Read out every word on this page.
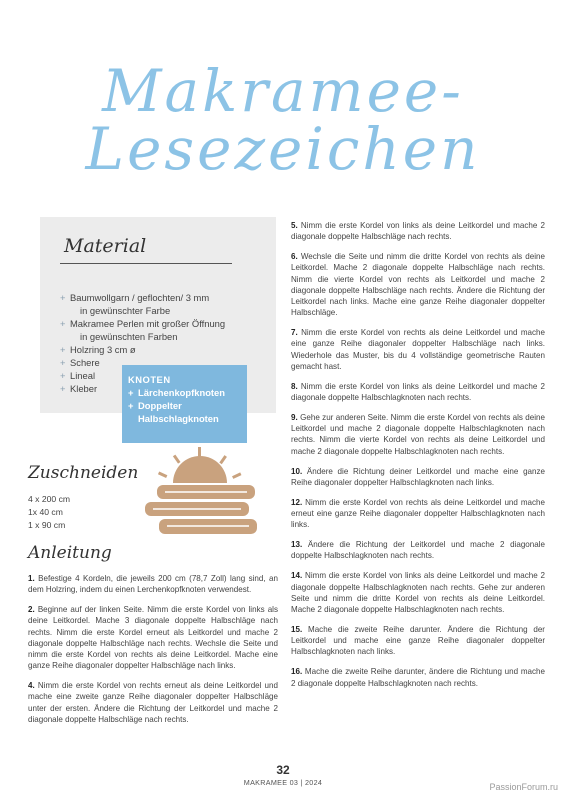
Makramee-
Lesezeichen
Material
+ Baumwollgarn / geflochten/ 3 mm
in gewünschter Farbe
+ Makramee Perlen mit großer Öffnung
in gewünschten Farben
+ Holzring 3 cm ø
+ Schere
+ Lineal
+ Kleber
KNOTEN
+ Lärchenkopfknoten
+ Doppelter
Halbschlagknoten
Zuschneiden
4 x 200 cm
1x 40 cm
1 x 90 cm
Anleitung

1. Befestige 4 Kordeln, die jeweils 200 cm (78,7 Zoll) lang sind, an dem Holzring, indem du einen Lerchenkopfknoten verwendest.

2. Beginne auf der linken Seite. Nimm die erste Kordel von links als deine Leitkordel. Mache 3 diagonale doppelte Halbschläge nach rechts. Nimm die erste Kordel erneut als Leitkordel und mache 2 diagonale doppelte Halbschläge nach rechts. Wechsle die Seite und nimm die erste Kordel von rechts als deine Leitkordel. Mache eine ganze Reihe diagonaler doppelter Halbschläge nach links.

4. Nimm die erste Kordel von rechts erneut als deine Leitkordel und mache eine zweite ganze Reihe diagonaler doppelter Halbschläge unter der ersten. Ändere die Richtung der Leitkordel und mache 2 diagonale doppelte Halbschläge nach rechts.

5. Nimm die erste Kordel von links als deine Leitkordel und mache 2 diagonale doppelte Halbschläge nach rechts.

6. Wechsle die Seite und nimm die dritte Kordel von rechts als deine Leitkordel. Mache 2 diagonale doppelte Halbschläge nach rechts. Nimm die vierte Kordel von rechts als Leitkordel und mache 2 diagonale doppelte Halbschläge nach rechts. Ändere die Richtung der Leitkordel nach links. Mache eine ganze Reihe diagonaler doppelter Halbschläge.

7. Nimm die erste Kordel von rechts als deine Leitkordel und mache eine ganze Reihe diagonaler doppelter Halbschläge nach links. Wiederhole das Muster, bis du 4 vollständige geometrische Rauten gemacht hast.

8. Nimm die erste Kordel von links als deine Leitkordel und mache 2 diagonale doppelte Halbschlagknoten nach rechts.

9. Gehe zur anderen Seite. Nimm die erste Kordel von rechts als deine Leitkordel und mache 2 diagonale doppelte Halbschlagknoten nach rechts. Nimm die vierte Kordel von rechts als deine Leitkordel und mache 2 diagonale doppelte Halbschlagknoten nach rechts.

10. Ändere die Richtung deiner Leitkordel und mache eine ganze Reihe diagonaler doppelter Halbschlagknoten nach links.

12. Nimm die erste Kordel von rechts als deine Leitkordel und mache erneut eine ganze Reihe diagonaler doppelter Halbschlagknoten nach links.

13. Ändere die Richtung der Leitkordel und mache 2 diagonale doppelte Halbschlagknoten nach rechts.

14. Nimm die erste Kordel von links als deine Leitkordel und mache 2 diagonale doppelte Halbschlagknoten nach rechts. Gehe zur anderen Seite und nimm die dritte Kordel von rechts als deine Leitkordel. Mache 2 diagonale doppelte Halbschlagknoten nach rechts.

15. Mache die zweite Reihe darunter. Ändere die Richtung der Leitkordel und mache eine ganze Reihe diagonaler doppelter Halbschlagknoten nach links.

16. Mache die zweite Reihe darunter, ändere die Richtung und mache 2 diagonale doppelte Halbschlagknoten nach rechts.

32
MAKRAMEE 03 | 2024	PassionForum.ru
